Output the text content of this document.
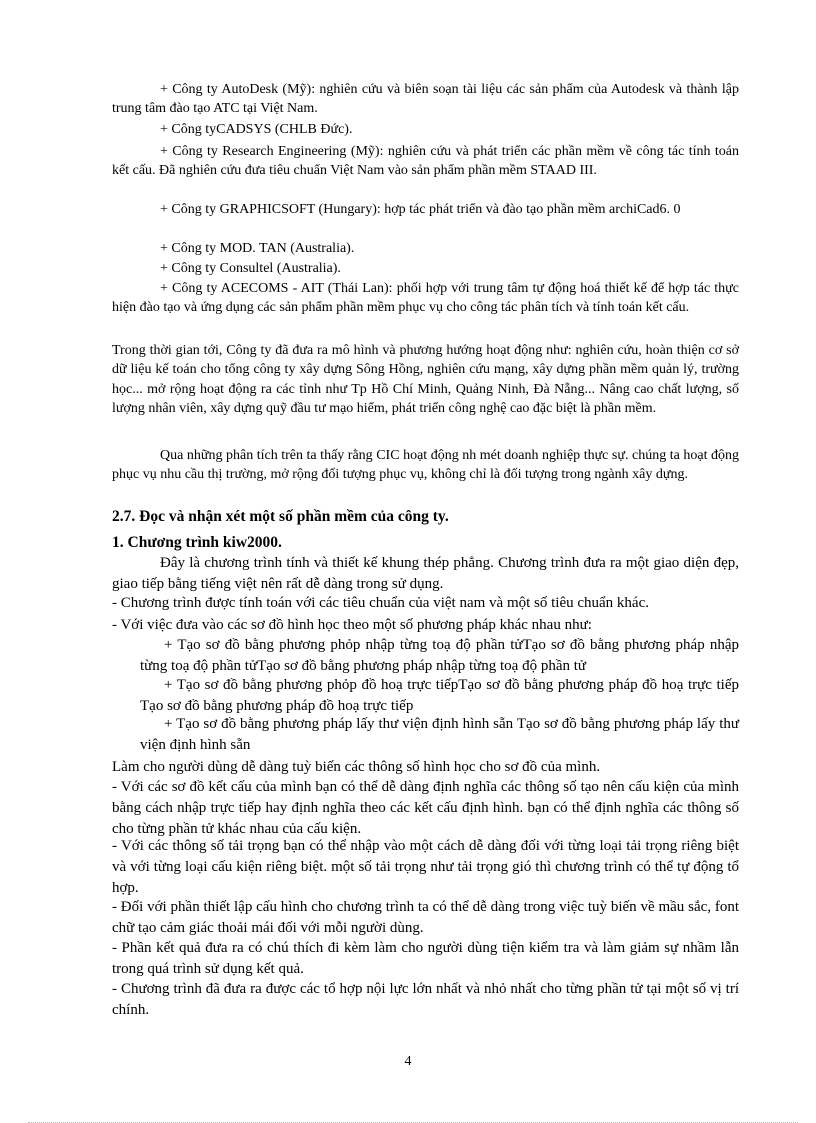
+ Công ty AutoDesk (Mỹ): nghiên cứu và biên soạn tài liệu các sản phẩm của Autodesk và thành lập trung tâm đào tạo ATC tại Việt Nam.

+ Công tyCADSYS (CHLB Đức).

+ Công ty Research Engineering (Mỹ): nghiên cứu và phát triển các phần mềm về công tác tính toán kết cấu. Đã nghiên cứu đưa tiêu chuẩn Việt Nam vào sản phẩm phần mềm STAAD III.

+ Công ty GRAPHICSOFT (Hungary): hợp tác phát triển và đào tạo phần mềm archiCad6. 0

+ Công ty MOD. TAN (Australia).

+ Công ty Consultel (Australia).

+ Công ty ACECOMS - AIT (Thái Lan): phối hợp với trung tâm tự động hoá thiết kế để hợp tác thực hiện đào tạo và ứng dụng các sản phẩm phần mềm phục vụ cho công tác phân tích và tính toán kết cấu.

Trong thời gian tới, Công ty đã đưa ra mô hình và phương hướng hoạt động như: nghiên cứu, hoàn thiện cơ sở dữ liệu kế toán cho tổng công ty xây dựng Sông Hồng, nghiên cứu mạng, xây dựng phần mềm quản lý, trường học... mở rộng hoạt động ra các tỉnh như Tp Hồ Chí Minh, Quảng Ninh, Đà Nẵng... Nâng cao chất lượng, số lượng nhân viên, xây dựng quỹ đầu tư mạo hiểm, phát triển công nghệ cao đặc biệt là phần mềm.

Qua những phân tích trên ta thấy rằng CIC hoạt động nh mét doanh nghiệp thực sự. chúng ta hoạt động phục vụ nhu cầu thị trường, mở rộng đối tượng phục vụ, không chỉ là đối tượng trong ngành xây dựng.

2.7. Đọc và nhận xét một số phần mềm của công ty.
1. Chương trình kiw2000.

Đây là chương trình tính và thiết kế khung thép phẳng. Chương trình đưa ra một giao diện đẹp, giao tiếp bằng tiếng việt nên rất dễ dàng trong sử dụng.

- Chương trình được tính toán với các tiêu chuẩn của việt nam và một số tiêu chuẩn khác.

- Với việc đưa vào các sơ đồ hình học theo một số phương pháp khác nhau như:

+ Tạo sơ đồ bằng phương phỏp nhập từng toạ độ phần tửTạo sơ đồ bằng phương pháp nhập từng toạ độ phần tửTạo sơ đồ bằng phương pháp nhập từng toạ độ phần tử

+ Tạo sơ đồ bằng phương phỏp đồ hoạ trực tiếpTạo sơ đồ bằng phương pháp đồ hoạ trực tiếp Tạo sơ đồ bằng phương pháp đồ hoạ trực tiếp

+ Tạo sơ đồ bằng phương pháp lấy thư viện định hình sẵn Tạo sơ đồ bằng phương pháp lấy thư viện định hình sẵn

Làm cho người dùng dễ dàng tuỳ biến các thông số hình học cho sơ đồ của mình.

- Với các sơ đồ kết cấu của mình bạn có thể dễ dàng định nghĩa các thông số tạo nên cấu kiện của mình bằng cách nhập trực tiếp hay định nghĩa theo các kết cấu định hình. bạn có thể định nghĩa các thông số cho từng phần tử khác nhau của cấu kiện.

- Với các thông số tải trọng bạn có thể nhập vào một cách dễ dàng đối với từng loại tải trọng riêng biệt và với từng loại cấu kiện riêng biệt. một số tải trọng như tải trọng gió thì chương trình có thể tự động tổ hợp.

- Đối với phần thiết lập cấu hình cho chương trình ta có thể dễ dàng trong việc tuỳ biến về mầu sắc, font chữ tạo cảm giác thoải mái đối với mỗi người dùng.

- Phần kết quả đưa ra có chú thích đi kèm làm cho người dùng tiện kiểm tra và làm giảm sự nhầm lẫn trong quá trình sử dụng kết quả.

- Chương trình đã đưa ra được các tổ hợp nội lực lớn nhất và nhỏ nhất cho từng phần tử tại một số vị trí chính.

4
